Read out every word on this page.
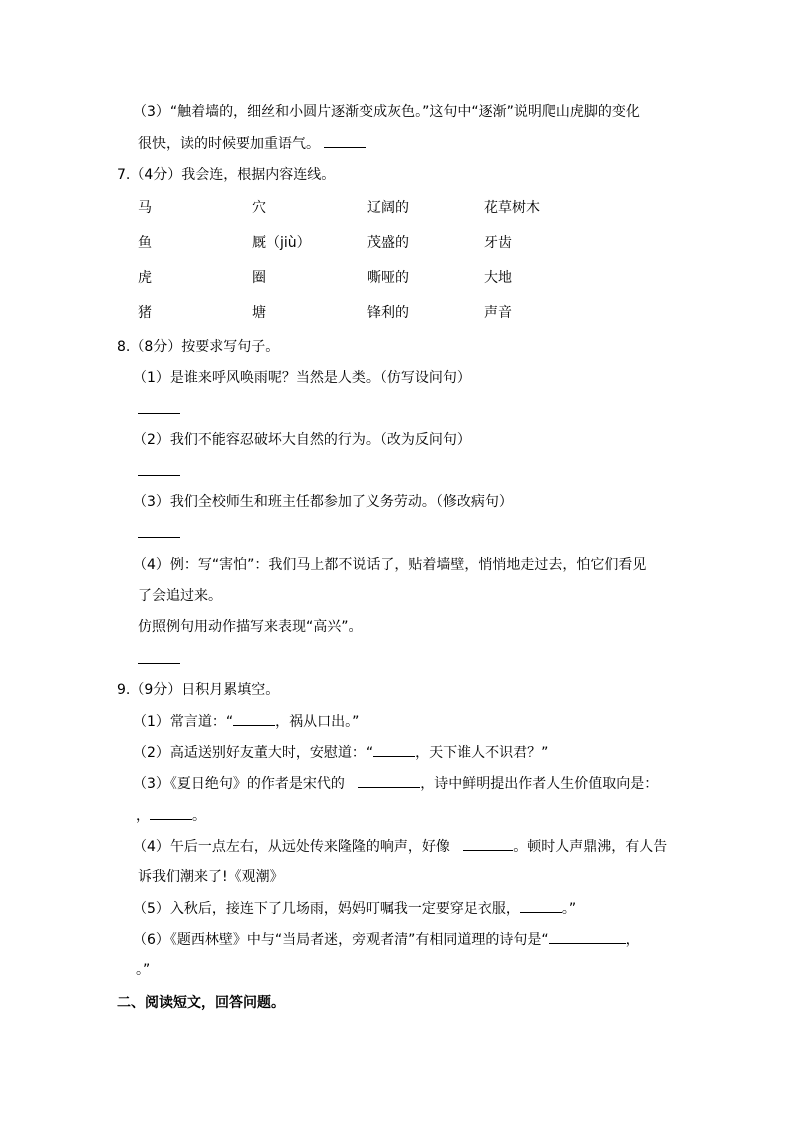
（3）“触着墙的，细丝和小圆片逐渐变成灰色。”这句中“逐渐”说明爬山虎脚的变化
很快，读的时候要加重语气。
7.（4分）我会连，根据内容连线。
马	穴	辽阔的	花草树木
鱼	厩（jiù）	茂盛的	牙齿
虎	圈	嘶哑的	大地
猪	塘	锋利的	声音
8.（8分）按要求写句子。
（1）是谁来呼风唤雨呢？当然是人类。（仿写设问句）
（2）我们不能容忍破坏大自然的行为。（改为反问句）
（3）我们全校师生和班主任都参加了义务劳动。（修改病句）
（4）例：写“害怕”：我们马上都不说话了，贴着墙壁，悄悄地走过去，怕它们看见
了会追过来。
仿照例句用动作描写来表现“高兴”。
9.（9分）日积月累填空。
（1）常言道：“	，祸从口出。”
（2）高适送别好友董大时，安慰道：“	，天下谁人不识君？”
（3）《夏日绝句》的作者是宋代的	，诗中鲜明提出作者人生价值取向是：
，	。
（4）午后一点左右，从远处传来隆隆的响声，好像	。顿时人声鼎沸，有人告
诉我们潮来了!《观潮》
（5）入秋后，接连下了几场雨，妈妈叮嘱我一定要穿足衣服，	。”
（6）《题西林壁》中与“当局者迷，旁观者清”有相同道理的诗句是“	，
。”
二、阅读短文，回答问题。
